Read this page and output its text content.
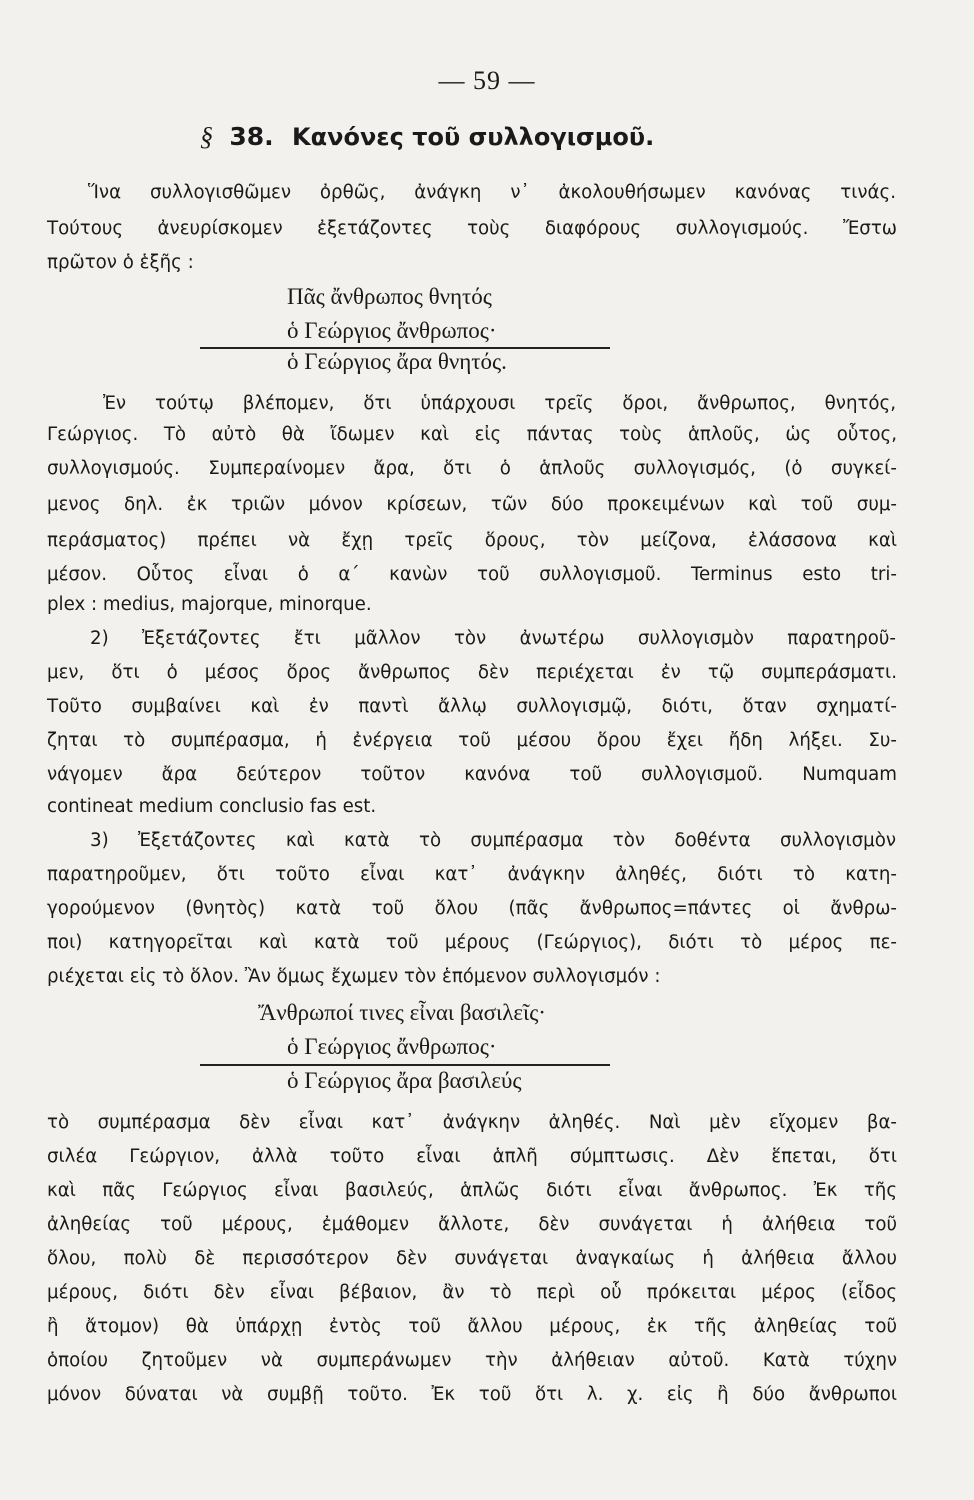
— 59 —
§ 38. Κανόνες τοῦ συλλογισμοῦ.
Ἵνα συλλογισθῶμεν ὀρθῶς, ἀνάγκη ν᾽ ἀκολουθήσωμεν κανόνας τινάς.
Τούτους ἀνευρίσκομεν ἐξετάζοντες τοὺς διαφόρους συλλογισμούς. Ἔστω
πρῶτον ὁ ἑξῆς :
Πᾶς ἄνθρωπος θνητός
ὁ Γεώργιος ἄνθρωπος·
ὁ Γεώργιος ἄρα θνητός.
Ἐν τούτῳ βλέπομεν, ὅτι ὑπάρχουσι τρεῖς ὅροι, ἄνθρωπος, θνητός,
Γεώργιος. Τὸ αὐτὸ θὰ ἴδωμεν καὶ εἰς πάντας τοὺς ἁπλοῦς, ὡς οὗτος,
συλλογισμούς. Συμπεραίνομεν ἄρα, ὅτι ὁ ἁπλοῦς συλλογισμός, (ὁ συγκεί-
μενος δηλ. ἐκ τριῶν μόνον κρίσεων, τῶν δύο προκειμένων καὶ τοῦ συμ-
περάσματος) πρέπει νὰ ἔχῃ τρεῖς ὅρους, τὸν μείζονα, ἐλάσσονα καὶ
μέσον. Οὗτος εἶναι ὁ α΄ κανὼν τοῦ συλλογισμοῦ. Terminus esto tri-
plex : medius, majorque, minorque.
2) Ἐξετάζοντες ἔτι μᾶλλον τὸν ἀνωτέρω συλλογισμὸν παρατηροῦ-
μεν, ὅτι ὁ μέσος ὅρος ἄνθρωπος δὲν περιέχεται ἐν τῷ συμπεράσματι.
Τοῦτο συμβαίνει καὶ ἐν παντὶ ἄλλῳ συλλογισμῷ, διότι, ὅταν σχηματί-
ζηται τὸ συμπέρασμα, ἡ ἐνέργεια τοῦ μέσου ὅρου ἔχει ἤδη λήξει. Συ-
νάγομεν ἄρα δεύτερον τοῦτον κανόνα τοῦ συλλογισμοῦ. Numquam
contineat medium conclusio fas est.
3) Ἐξετάζοντες καὶ κατὰ τὸ συμπέρασμα τὸν δοθέντα συλλογισμὸν
παρατηροῦμεν, ὅτι τοῦτο εἶναι κατ᾽ ἀνάγκην ἀληθές, διότι τὸ κατη-
γορούμενον (θνητὸς) κατὰ τοῦ ὅλου (πᾶς ἄνθρωπος=πάντες οἱ ἄνθρω-
ποι) κατηγορεῖται καὶ κατὰ τοῦ μέρους (Γεώργιος), διότι τὸ μέρος πε-
ριέχεται εἰς τὸ ὅλον. Ἂν ὅμως ἔχωμεν τὸν ἑπόμενον συλλογισμόν :
Ἄνθρωποί τινες εἶναι βασιλεῖς·
ὁ Γεώργιος ἄνθρωπος·
ὁ Γεώργιος ἄρα βασιλεύς
τὸ συμπέρασμα δὲν εἶναι κατ᾽ ἀνάγκην ἀληθές. Ναὶ μὲν εἴχομεν βα-
σιλέα Γεώργιον, ἀλλὰ τοῦτο εἶναι ἁπλῆ σύμπτωσις. Δὲν ἕπεται, ὅτι
καὶ πᾶς Γεώργιος εἶναι βασιλεύς, ἁπλῶς διότι εἶναι ἄνθρωπος. Ἐκ τῆς
ἀληθείας τοῦ μέρους, ἐμάθομεν ἄλλοτε, δὲν συνάγεται ἡ ἀλήθεια τοῦ
ὅλου, πολὺ δὲ περισσότερον δὲν συνάγεται ἀναγκαίως ἡ ἀλήθεια ἄλλου
μέρους, διότι δὲν εἶναι βέβαιον, ἂν τὸ περὶ οὗ πρόκειται μέρος (εἶδος
ἢ ἄτομον) θὰ ὑπάρχῃ ἐντὸς τοῦ ἄλλου μέρους, ἐκ τῆς ἀληθείας τοῦ
ὁποίου ζητοῦμεν νὰ συμπεράνωμεν τὴν ἀλήθειαν αὐτοῦ. Κατὰ τύχην
μόνον δύναται νὰ συμβῇ τοῦτο. Ἐκ τοῦ ὅτι λ. χ. εἰς ἢ δύο ἄνθρωποι
